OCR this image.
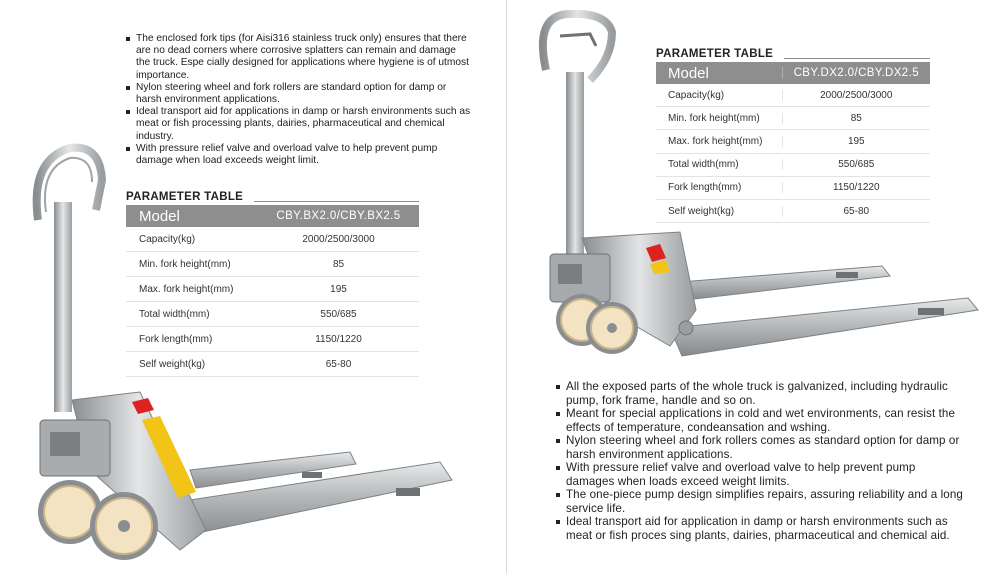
The enclosed fork tips (for Aisi316 stainless truck only) ensures that there are no dead corners where corrosive splatters can remain and damage the truck. Espe cially designed for applications where hygiene is of utmost importance.
Nylon steering wheel and fork rollers are standard option for damp or harsh environment applications.
Ideal transport aid for applications in damp or harsh environments such as meat or fish processing plants, dairies, pharmaceutical and chemical industry.
With pressure relief valve and overload valve to help prevent pump damage when load exceeds weight limit.
PARAMETER TABLE
Model	CBY.BX2.0/CBY.BX2.5
Capacity(kg)	2000/2500/3000
Min. fork height(mm)	85
Max. fork height(mm)	195
Total width(mm)	550/685
Fork length(mm)	1150/1220
Self weight(kg)	65-80
PARAMETER TABLE
Model	CBY.DX2.0/CBY.DX2.5
Capacity(kg)	2000/2500/3000
Min. fork height(mm)	85
Max. fork height(mm)	195
Total width(mm)	550/685
Fork length(mm)	1150/1220
Self weight(kg)	65-80
All the exposed parts of the whole truck is galvanized, including hydraulic pump, fork frame, handle and so on.
Meant for special applications in cold and wet environments, can resist the effects of temperature, condeansation and wshing.
Nylon steering wheel and fork rollers comes as standard option for damp or harsh environment applications.
With pressure relief valve and overload valve to help prevent pump damages when loads exceed weight limits.
The one-piece pump design simplifies repairs, assuring reliability and a long service life.
Ideal transport aid for application in damp or harsh environments such as meat or fish proces sing plants, dairies, pharmaceutical and chemical aid.
